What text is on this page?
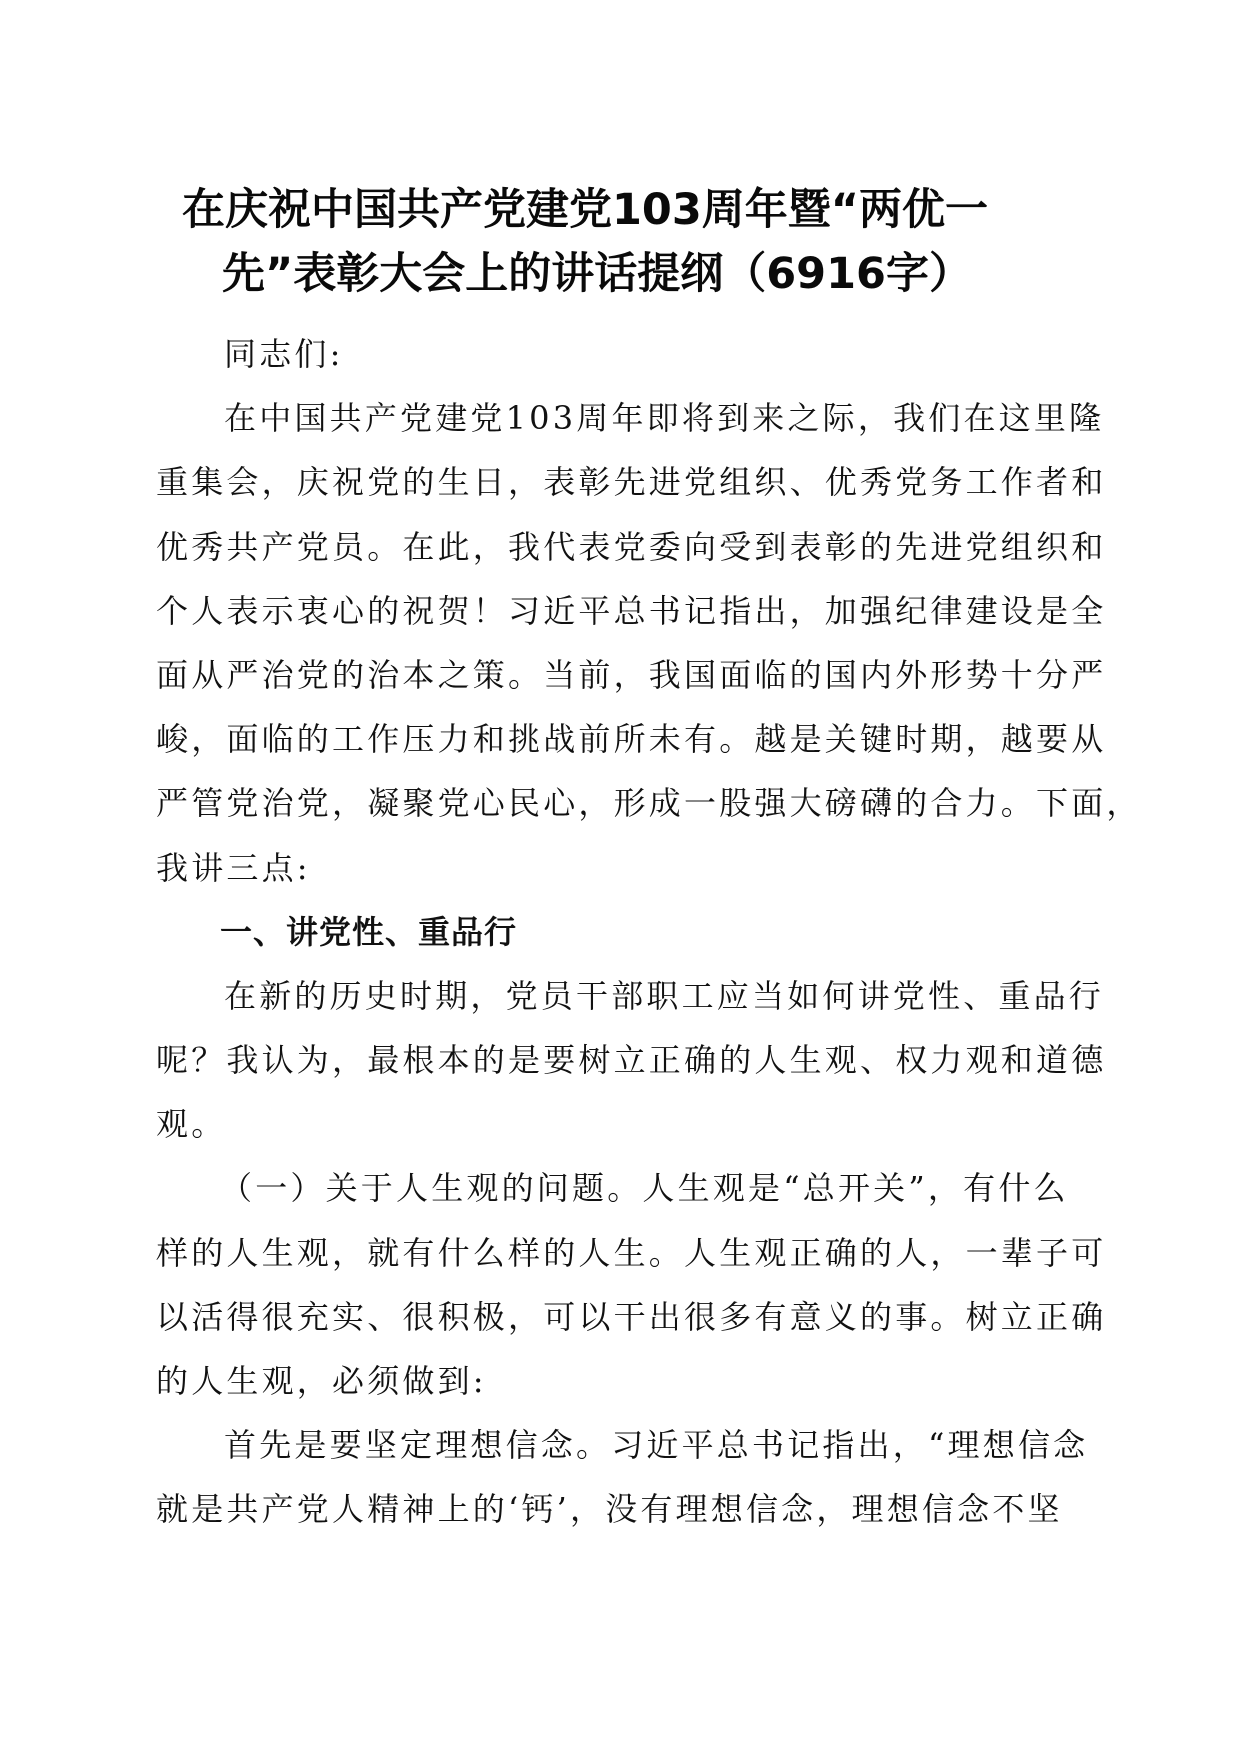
在庆祝中国共产党建党103周年暨“两优一
先”表彰大会上的讲话提纲（6916字）
同志们:
在中国共产党建党103周年即将到来之际，我们在这里隆
重集会，庆祝党的生日，表彰先进党组织、优秀党务工作者和
优秀共产党员。在此，我代表党委向受到表彰的先进党组织和
个人表示衷心的祝贺！习近平总书记指出，加强纪律建设是全
面从严治党的治本之策。当前，我国面临的国内外形势十分严
峻，面临的工作压力和挑战前所未有。越是关键时期，越要从
严管党治党，凝聚党心民心，形成一股强大磅礴的合力。下面，
我讲三点:
一、讲党性、重品行
在新的历史时期，党员干部职工应当如何讲党性、重品行
呢？我认为，最根本的是要树立正确的人生观、权力观和道德
观。
（一）关于人生观的问题。人生观是“总开关”，有什么
样的人生观，就有什么样的人生。人生观正确的人，一辈子可
以活得很充实、很积极，可以干出很多有意义的事。树立正确
的人生观，必须做到:
首先是要坚定理想信念。习近平总书记指出，“理想信念
就是共产党人精神上的‘钙’，没有理想信念，理想信念不坚
